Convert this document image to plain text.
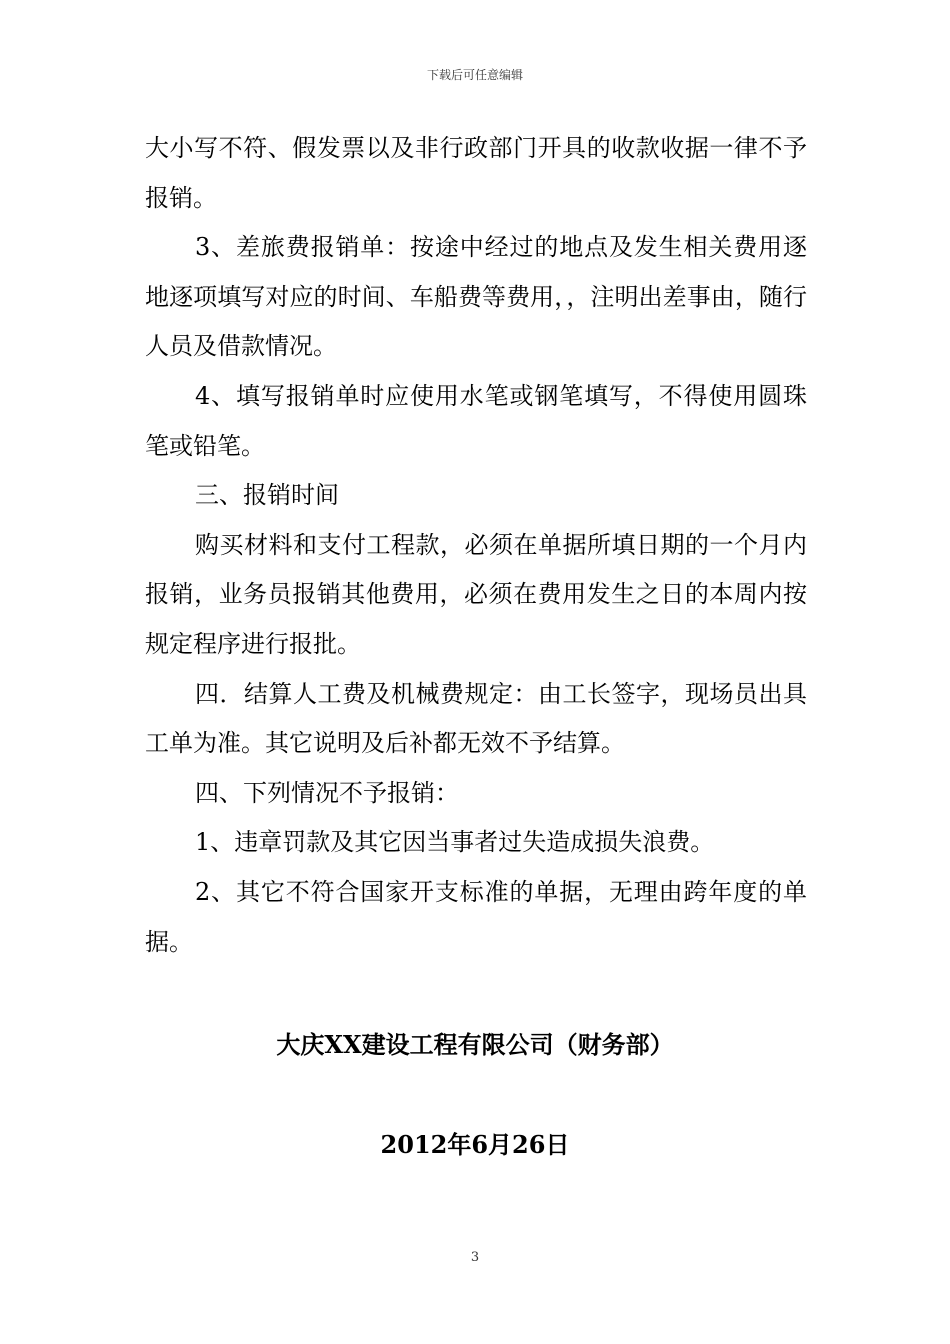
下载后可任意编辑

大小写不符、假发票以及非行政部门开具的收款收据一律不予报销。

3、差旅费报销单：按途中经过的地点及发生相关费用逐地逐项填写对应的时间、车船费等费用，，注明出差事由，随行人员及借款情况。

4、填写报销单时应使用水笔或钢笔填写，不得使用圆珠笔或铅笔。

三、报销时间

购买材料和支付工程款，必须在单据所填日期的一个月内报销，业务员报销其他费用，必须在费用发生之日的本周内按规定程序进行报批。

四．结算人工费及机械费规定：由工长签字，现场员出具工单为准。其它说明及后补都无效不予结算。

四、下列情况不予报销：

1、违章罚款及其它因当事者过失造成损失浪费。

2、其它不符合国家开支标准的单据，无理由跨年度的单据。

大庆XX建设工程有限公司（财务部）
2012年6月26日
3
